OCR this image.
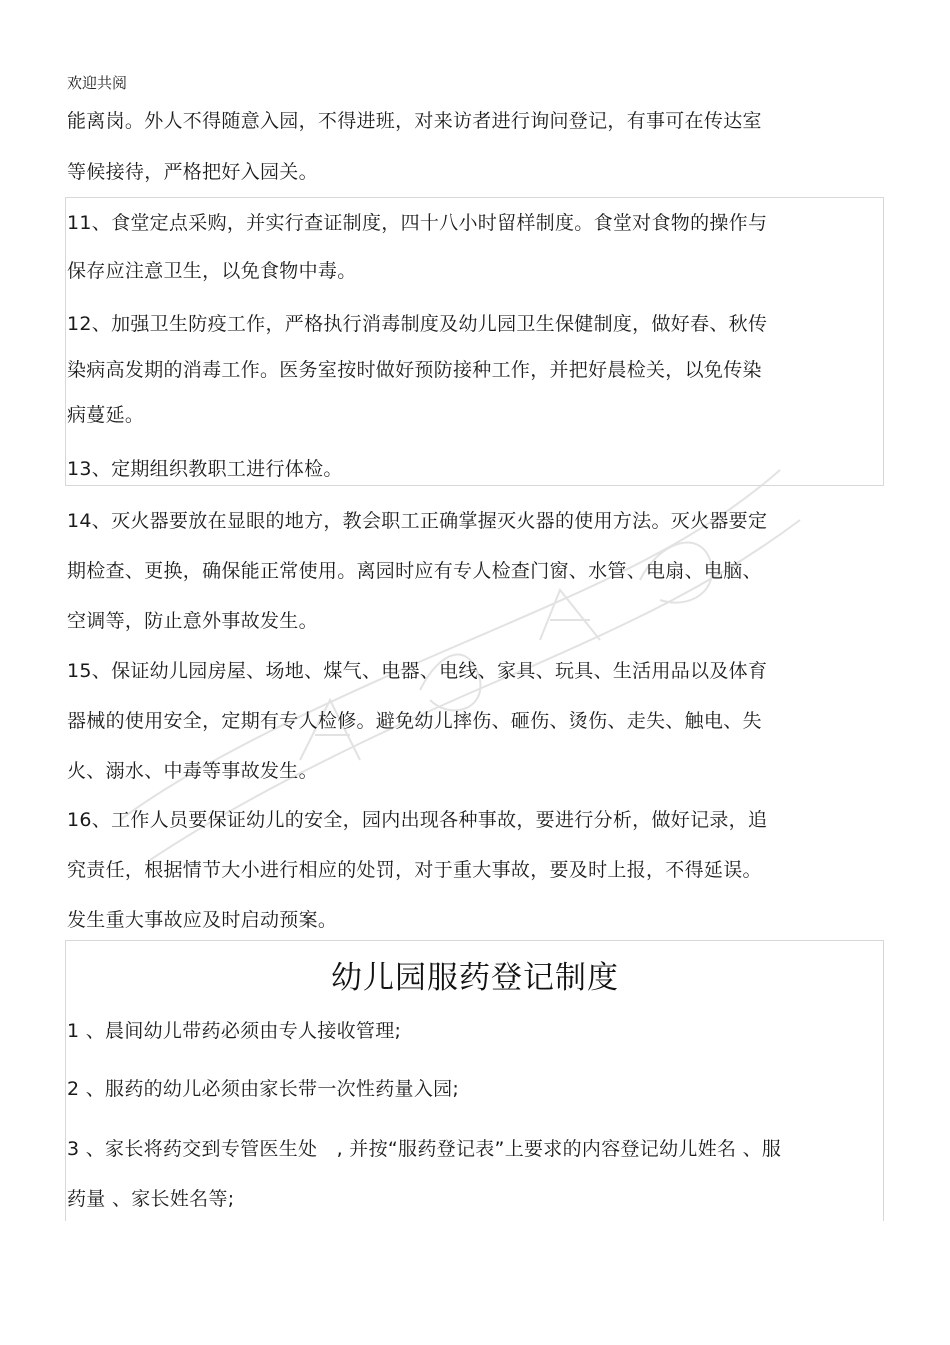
欢迎共阅
能离岗。外人不得随意入园，不得进班，对来访者进行询问登记，有事可在传达室
等候接待，严格把好入园关。
11、食堂定点采购，并实行查证制度，四十八小时留样制度。食堂对食物的操作与
保存应注意卫生，以免食物中毒。
12、加强卫生防疫工作，严格执行消毒制度及幼儿园卫生保健制度，做好春、秋传
染病高发期的消毒工作。医务室按时做好预防接种工作，并把好晨检关，以免传染
病蔓延。
13、定期组织教职工进行体检。
14、灭火器要放在显眼的地方，教会职工正确掌握灭火器的使用方法。灭火器要定
期检查、更换，确保能正常使用。离园时应有专人检查门窗、水管、电扇、电脑、
空调等，防止意外事故发生。
15、保证幼儿园房屋、场地、煤气、电器、电线、家具、玩具、生活用品以及体育
器械的使用安全，定期有专人检修。避免幼儿摔伤、砸伤、烫伤、走失、触电、失
火、溺水、中毒等事故发生。
16、工作人员要保证幼儿的安全，园内出现各种事故，要进行分析，做好记录，追
究责任，根据情节大小进行相应的处罚，对于重大事故，要及时上报，不得延误。
发生重大事故应及时启动预案。
幼儿园服药登记制度
1 、晨间幼儿带药必须由专人接收管理;
2 、服药的幼儿必须由家长带一次性药量入园;
3 、家长将药交到专管医生处　, 并按“服药登记表”上要求的内容登记幼儿姓名 、服
药量 、家长姓名等;
